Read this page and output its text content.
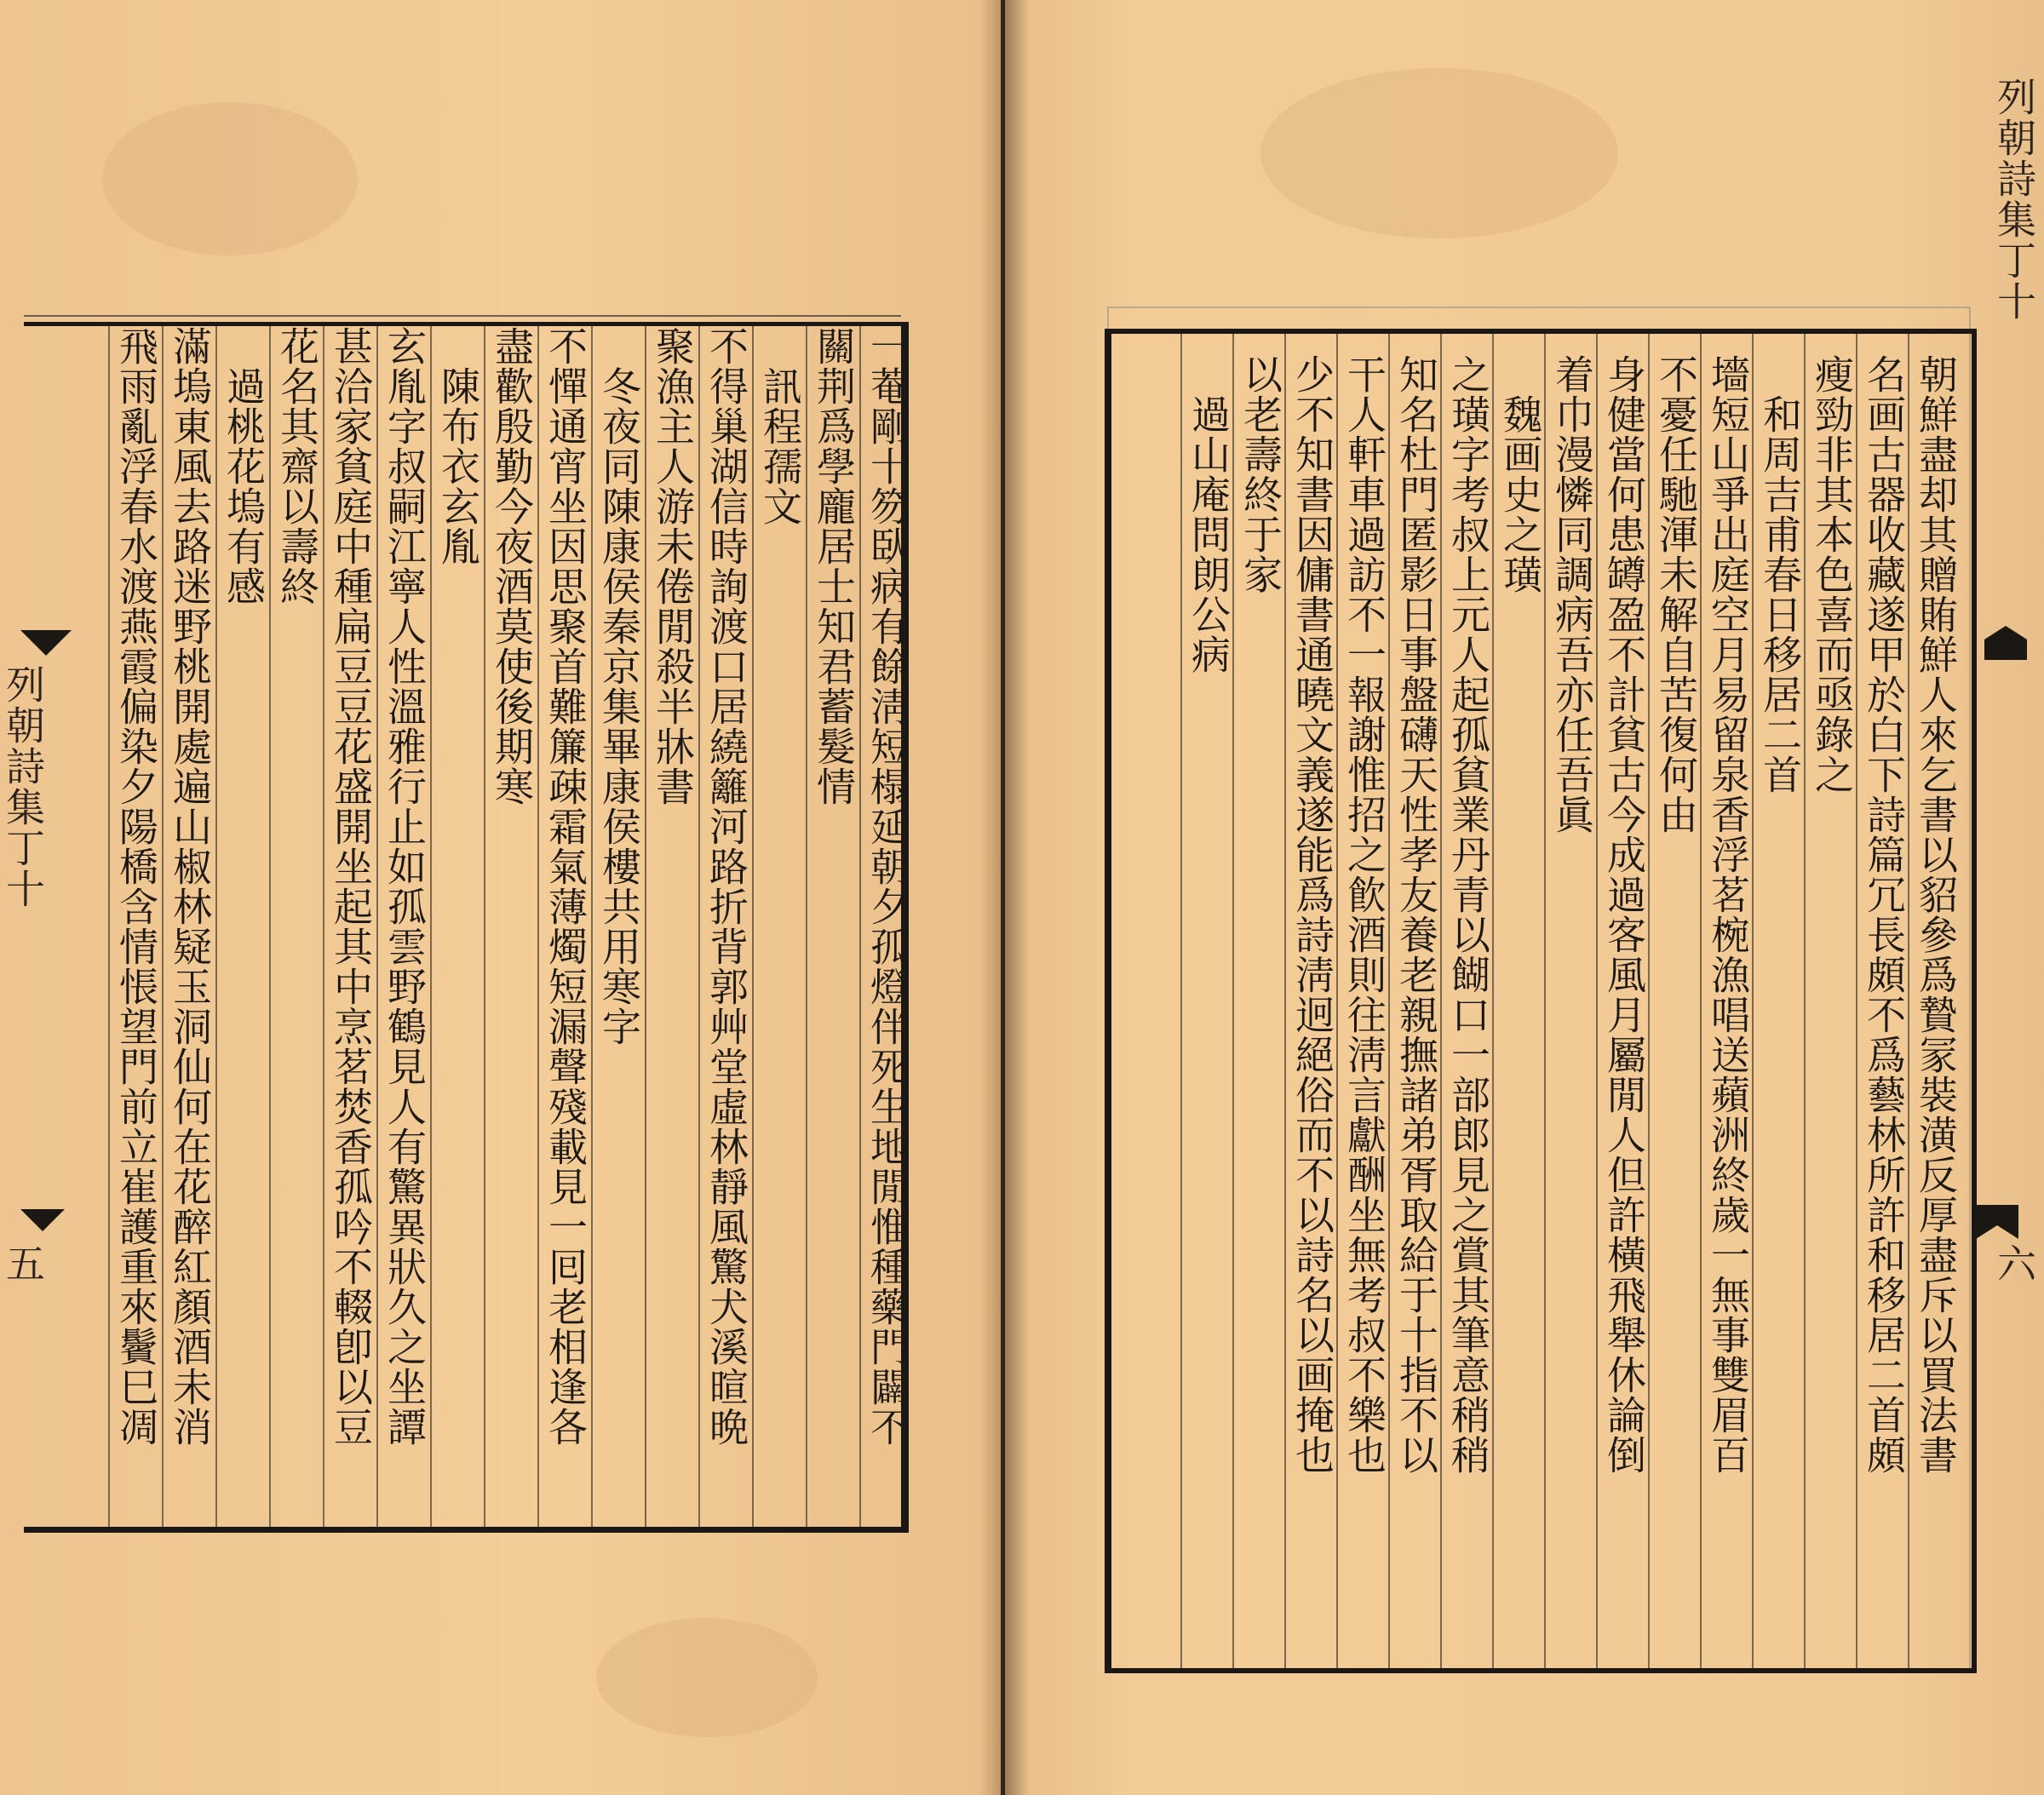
一菴剛十笏臥病有餘淸短榻延朝夕孤燈伴死生地閒惟種藥門闢不
關荆爲學龐居士知君蓄髮情
　訊程孺文
不得巢湖信時詢渡口居繞籬河路折背郭艸堂虛林靜風驚犬溪暄晩
聚漁主人游未倦閒殺半牀書
　冬夜同陳康侯秦京集畢康侯樓共用寒字
不憚通宵坐因思聚首難簾疎霜氣薄燭短漏聲殘載見一囘老相逢各
盡歡殷勤今夜酒莫使後期寒
　陳布衣玄胤
玄胤字叔嗣江寧人性溫雅行止如孤雲野鶴見人有驚異狀久之坐譚
甚洽家貧庭中種扁豆豆花盛開坐起其中烹茗焚香孤吟不輟卽以豆
花名其齋以壽終
　過桃花塢有感
滿塢東風去路迷野桃開處遍山椒林疑玉洞仙何在花醉紅顏酒未消
飛雨亂浮春水渡燕霞偏染夕陽橋含情悵望門前立崔護重來鬢巳凋
列朝詩集丁十
五	朝鮮盡却其贈賄鮮人來乞書以貂參爲贄冡裝潢反厚盡斥以買法書
名画古器收藏遂甲於白下詩篇冗長頗不爲藝林所許和移居二首頗
瘦勁非其本色喜而亟錄之
　和周吉甫春日移居二首
墻短山爭出庭空月易留泉香浮茗椀漁唱送蘋洲終歲一無事雙眉百
不憂任馳渾未解自苦復何由
身健當何患罇盈不計貧古今成過客風月屬閒人但許橫飛舉休論倒
着巾漫憐同調病吾亦任吾眞
　魏画史之璜
之璜字考叔上元人起孤貧業丹青以餬口一部郎見之賞其筆意稍稍
知名杜門匿影日事盤礴天性孝友養老親撫諸弟胥取給于十指不以
干人軒車過訪不一報謝惟招之飮酒則往淸言獻酬坐無考叔不樂也
少不知書因傭書通曉文義遂能爲詩淸迥絕俗而不以詩名以画掩也
以老壽終于家
　過山庵問朗公病
列朝詩集丁十
六
